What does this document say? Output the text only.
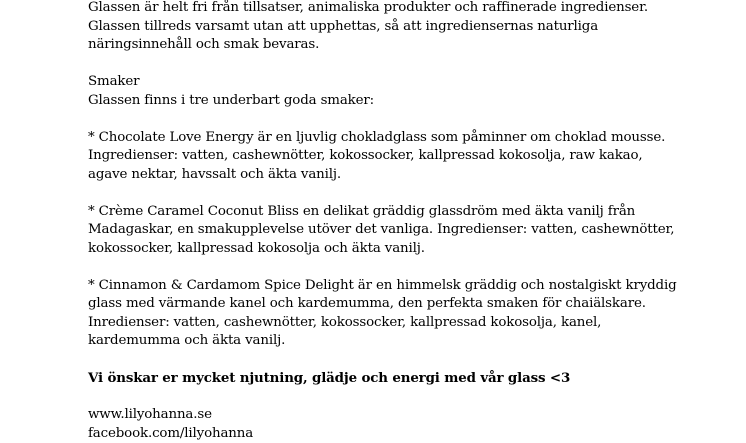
Glassen är helt fri från tillsatser, animaliska produkter och raffinerade ingredienser.

Glassen tillreds varsamt utan att upphettas, så att ingrediensernas naturliga

näringsinnehåll och smak bevaras.

Smaker

Glassen finns i tre underbart goda smaker:

* Chocolate Love Energy är en ljuvlig chokladglass som påminner om choklad mousse.

Ingredienser: vatten, cashewnötter, kokossocker, kallpressad kokosolja, raw kakao,

agave nektar, havssalt och äkta vanilj.

* Crème Caramel Coconut Bliss en delikat gräddig glassdröm med äkta vanilj från

Madagaskar, en smakupplevelse utöver det vanliga. Ingredienser: vatten, cashewnötter,

kokossocker, kallpressad kokosolja och äkta vanilj.

* Cinnamon & Cardamom Spice Delight är en himmelsk gräddig och nostalgiskt kryddig

glass med värmande kanel och kardemumma, den perfekta smaken för chaiälskare.

Inredienser: vatten, cashewnötter, kokossocker, kallpressad kokosolja, kanel,

kardemumma och äkta vanilj.

Vi önskar er mycket njutning, glädje och energi med vår glass <3

www.lilyohanna.se

facebook.com/lilyohanna
